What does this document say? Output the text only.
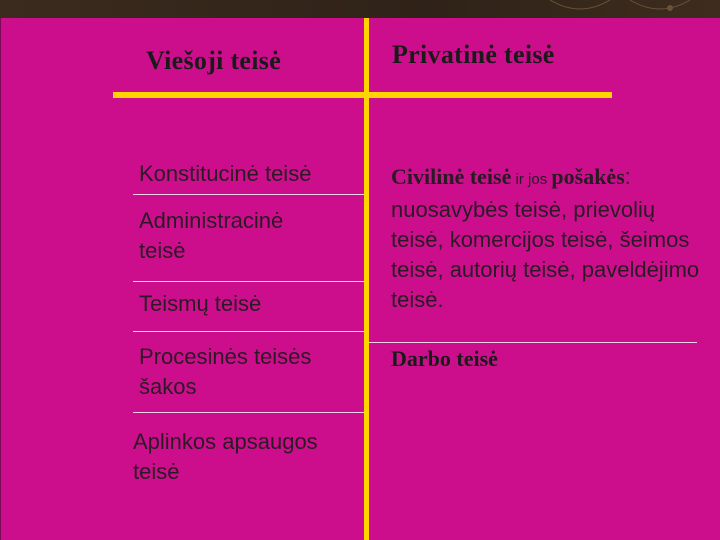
Viešoji teisė	Privatinė teisė
Konstitucinė teisė
Administracinė teisė
Teismų teisė
Procesinės teisės šakos
Aplinkos apsaugos teisė
Civilinė teisė ir jos pošakės:
nuosavybės teisė, prievolių teisė, komercijos teisė, šeimos teisė, autorių teisė, paveldėjimo teisė.
Darbo teisė
